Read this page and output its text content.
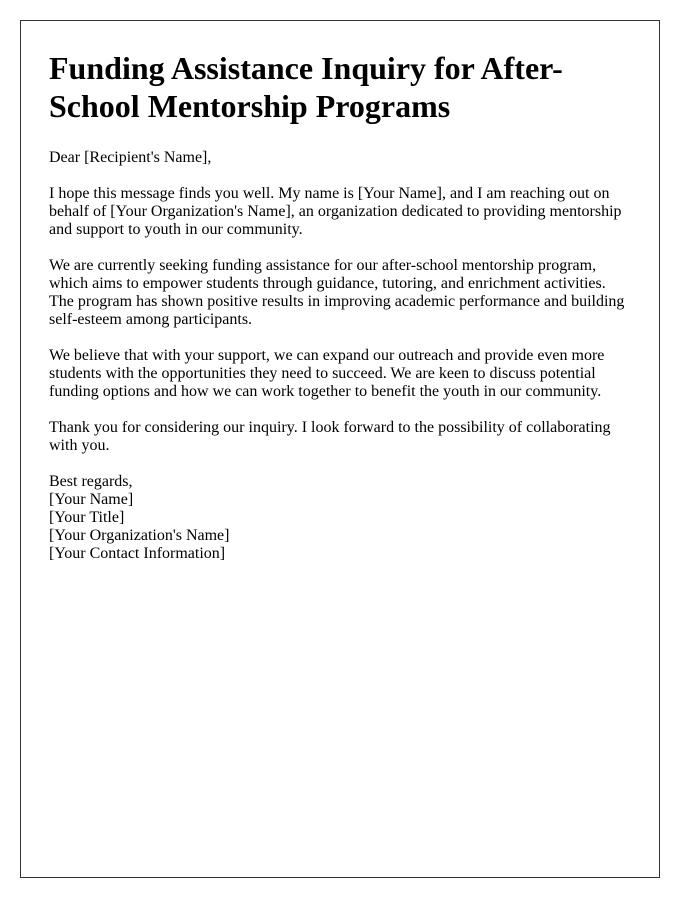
Funding Assistance Inquiry for After-School Mentorship Programs

Dear [Recipient's Name],

I hope this message finds you well. My name is [Your Name], and I am reaching out on behalf of [Your Organization's Name], an organization dedicated to providing mentorship and support to youth in our community.

We are currently seeking funding assistance for our after-school mentorship program, which aims to empower students through guidance, tutoring, and enrichment activities. The program has shown positive results in improving academic performance and building self-esteem among participants.

We believe that with your support, we can expand our outreach and provide even more students with the opportunities they need to succeed. We are keen to discuss potential funding options and how we can work together to benefit the youth in our community.

Thank you for considering our inquiry. I look forward to the possibility of collaborating with you.

Best regards,
[Your Name]
[Your Title]
[Your Organization's Name]
[Your Contact Information]
